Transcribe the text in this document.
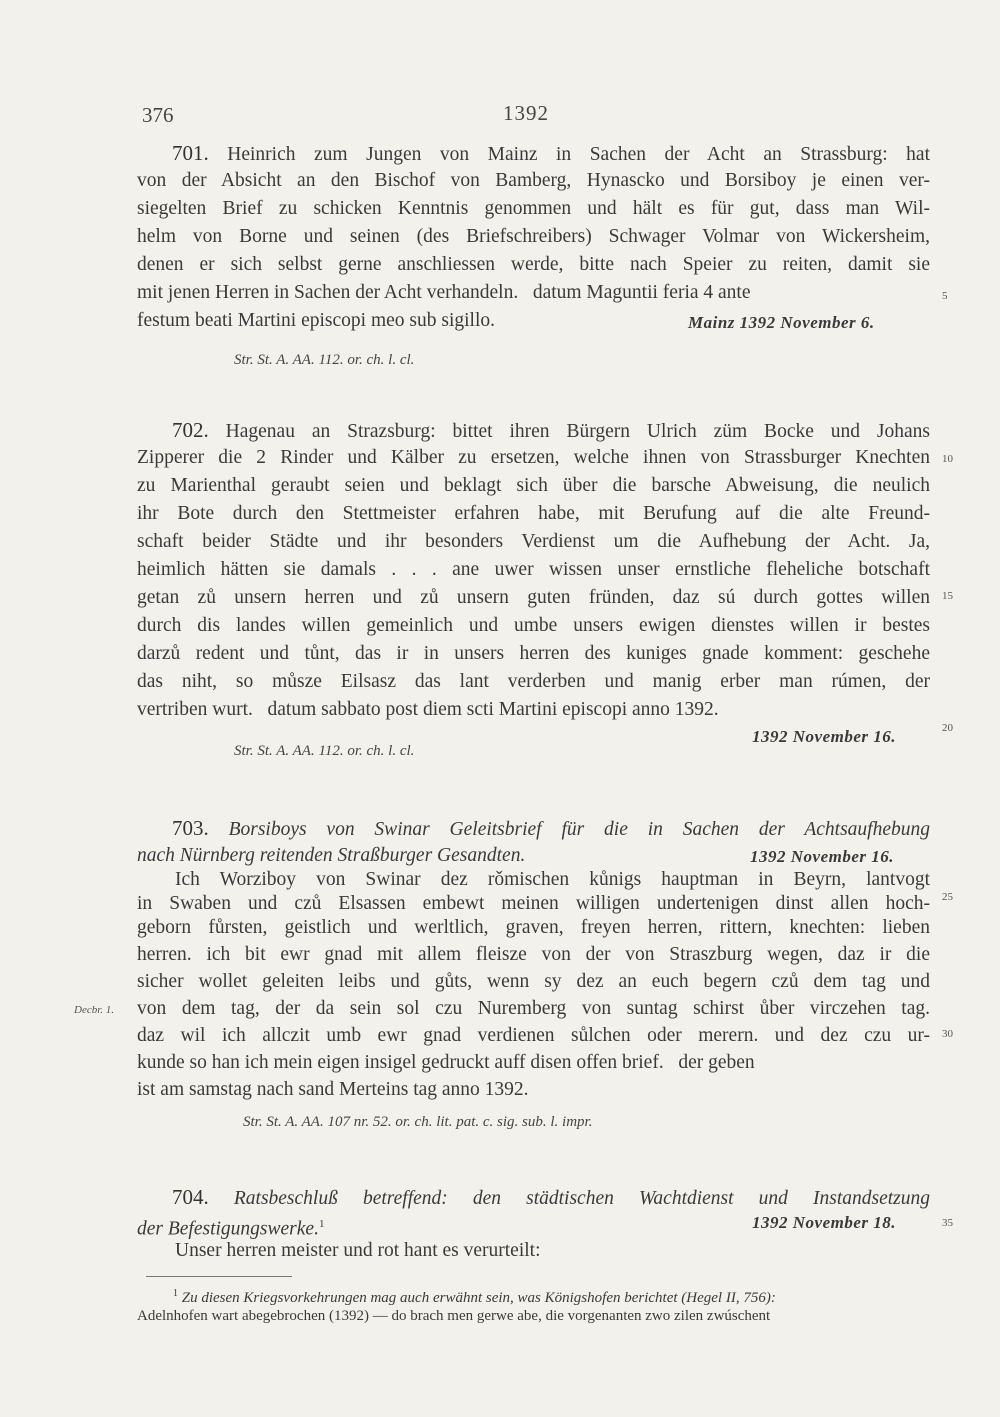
376	1392
701. Heinrich zum Jungen von Mainz in Sachen der Acht an Strassburg: hat
von der Absicht an den Bischof von Bamberg, Hynascko und Borsiboy je einen ver-
siegelten Brief zu schicken Kenntnis genommen und hält es für gut, dass man Wil-
helm von Borne und seinen (des Briefschreibers) Schwager Volmar von Wickersheim,
denen er sich selbst gerne anschliessen werde, bitte nach Speier zu reiten, damit sie
mit jenen Herren in Sachen der Acht verhandeln.   datum Maguntii feria 4 ante
festum beati Martini episcopi meo sub sigillo.	Mainz 1392 November 6.
Str. St. A. AA. 112. or. ch. l. cl.
702. Hagenau an Strazsburg: bittet ihren Bürgern Ulrich züm Bocke und Johans
Zipperer die 2 Rinder und Kälber zu ersetzen, welche ihnen von Strassburger Knechten
zu Marienthal geraubt seien und beklagt sich über die barsche Abweisung, die neulich
ihr Bote durch den Stettmeister erfahren habe, mit Berufung auf die alte Freund-
schaft beider Städte und ihr besonders Verdienst um die Aufhebung der Acht. Ja,
heimlich hätten sie damals . . . ane uwer wissen unser ernstliche fleheliche botschaft
getan zů unsern herren und zů unsern guten fründen, daz sú durch gottes willen
durch dis landes willen gemeinlich und umbe unsers ewigen dienstes willen ir bestes
darzů redent und tůnt, das ir in unsers herren des kuniges gnade komment: geschehe
das niht, so můsze Eilsasz das lant verderben und manig erber man rúmen, der
vertriben wurt.   datum sabbato post diem scti Martini episcopi anno 1392.
1392 November 16.
Str. St. A. AA. 112. or. ch. l. cl.
703. Borsiboys von Swinar Geleitsbrief für die in Sachen der Achtsaufhebung
nach Nürnberg reitenden Straßburger Gesandten.	1392 November 16.
Ich Worziboy von Swinar dez rǒmischen kůnigs hauptman in Beyrn, lantvogt
in Swaben und czů Elsassen embewt meinen willigen undertenigen dinst allen hoch-
geborn fůrsten, geistlich und werltlich, graven, freyen herren, rittern, knechten: lieben
herren. ich bit ewr gnad mit allem fleisze von der von Straszburg wegen, daz ir die
sicher wollet geleiten leibs und gůts, wenn sy dez an euch begern czů dem tag und
von dem tag, der da sein sol czu Nuremberg von suntag schirst ůber virczehen tag.
daz wil ich allczit umb ewr gnad verdienen sůlchen oder merern. und dez czu ur-
kunde so han ich mein eigen insigel gedruckt auff disen offen brief.   der geben
ist am samstag nach sand Merteins tag anno 1392.
Str. St. A. AA. 107 nr. 52. or. ch. lit. pat. c. sig. sub. l. impr.
Decbr. 1.
704. Ratsbeschluß betreffend: den städtischen Wachtdienst und Instandsetzung
der Befestigungswerke.$^1$	1392 November 18.
Unser herren meister und rot hant es verurteilt:
5
10
15
20
25
30
35
$^1$ Zu diesen Kriegsvorkehrungen mag auch erwähnt sein, was Königshofen berichtet (Hegel II, 756):
Adelnhofen wart abegebrochen (1392) — do brach men gerwe abe, die vorgenanten zwo zilen zwúschent
